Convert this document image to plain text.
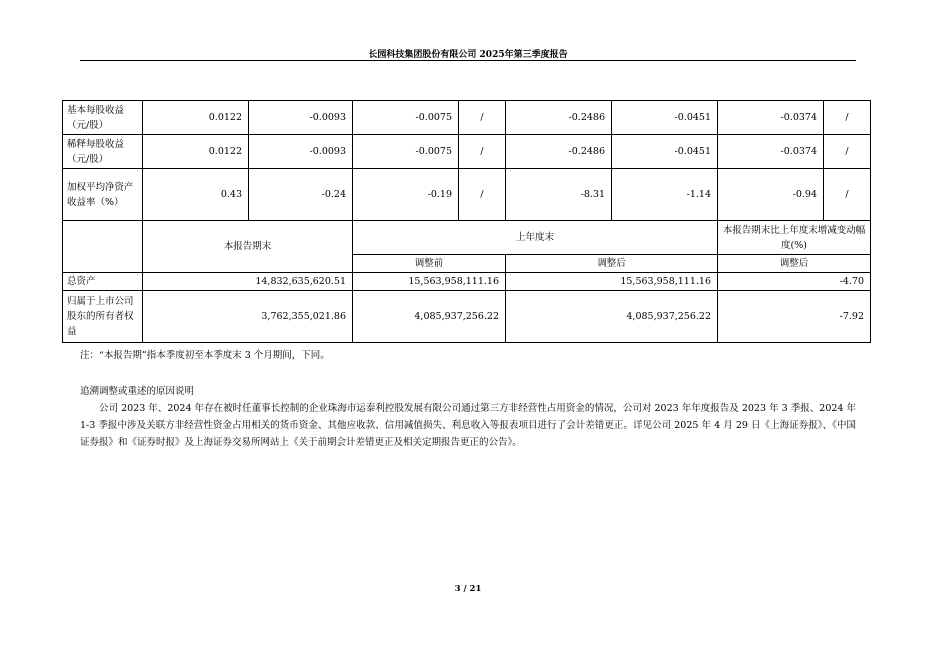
长园科技集团股份有限公司 2025年第三季度报告
基本每股收益（元/股）	0.0122	-0.0093	-0.0075	/	-0.2486	-0.0451	-0.0374	/
稀释每股收益（元/股）	0.0122	-0.0093	-0.0075	/	-0.2486	-0.0451	-0.0374	/
加权平均净资产收益率（%）	0.43	-0.24	-0.19	/	-8.31	-1.14	-0.94	/
	本报告期末		上年度末				本报告期末比上年度末增减变动幅度(%)	
			调整前		调整后		调整后	
总资产	14,832,635,620.51		15,563,958,111.16		15,563,958,111.16		-4.70	
归属于上市公司股东的所有者权益	3,762,355,021.86		4,085,937,256.22		4,085,937,256.22		-7.92	
注：“本报告期”指本季度初至本季度末 3 个月期间，下同。
追溯调整或重述的原因说明

公司 2023 年、2024 年存在被时任董事长控制的企业珠海市运泰利控股发展有限公司通过第三方非经营性占用资金的情况，公司对 2023 年年度报告及 2023 年 3 季报、2024 年 1-3 季报中涉及关联方非经营性资金占用相关的货币资金、其他应收款、信用减值损失、利息收入等报表项目进行了会计差错更正。详见公司 2025 年 4 月 29 日《上海证券报》、《中国证券报》和《证券时报》及上海证券交易所网站上《关于前期会计差错更正及相关定期报告更正的公告》。

3 / 21
